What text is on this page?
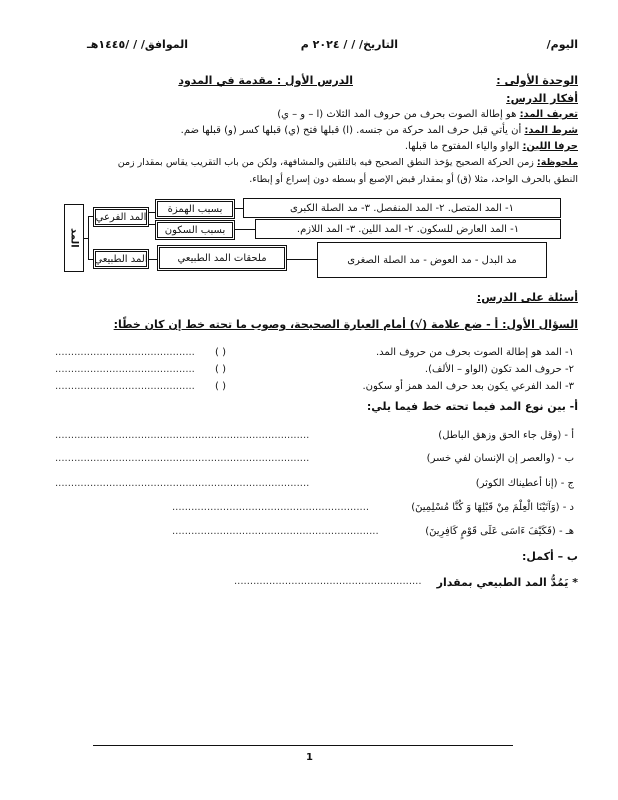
اليوم/
التاريخ/ / / ٢٠٢٤ م
الموافق/ / /١٤٤٥هـ
الوحدة الأولى :
الدرس الأول : مقدمة في المدود
أفكار الدرس:
تعريف المد: هو إطالة الصوت بحرف من حروف المد الثلاث (ا – و – ي)
شرط المد: أن يأتي قبل حرف المد حركة من جنسه. (ا) قبلها فتح (ي) قبلها كسر (و) قبلها ضم.
حرفا اللين: الواو والياء المفتوح ما قبلها.
ملحوظة: زمن الحركة الصحيح يؤخذ النطق الصحيح فيه بالتلقين والمشافهة، ولكن من باب التقريب يقاس بمقدار زمن
النطق بالحرف الواحد، مثلا (ق) أو بمقدار قبض الإصبع أو بسطه دون إسراع أو إبطاء.
المد
المد الفرعي
المد الطبيعي
بسبب الهمزة
بسبب السكون
١- المد المتصل. ٢- المد المنفصل. ٣- مد الصلة الكبرى
١- المد العارض للسكون. ٢- المد اللين. ٣- المد اللازم.
ملحقات المد الطبيعي	مد البدل - مد العوض - مد الصلة الصغرى
أسئلة على الدرس:
السؤال الأول: أ - ضع علامة (√) أمام العبارة الصحيحة، وصوب ما تحته خط إن كان خطًا:
١- المد هو إطالة الصوت بحرف من حروف المد.
( )
............................................
٢- حروف المد تكون (الواو – الألف).
( )
............................................
٣- المد الفرعي يكون بعد حرف المد همز أو سكون.
( )
............................................
أ- بين نوع المد فيما تحته خط فيما يلي:
أ - (وقل جاء الحق وزهق الباطل)
................................................................................
ب - (والعصر إن الإنسان لفي خسر)
................................................................................
ج - (إنا أعطيناك الكوثر)
................................................................................
د - (وَآتَيْنَا الْعِلْمَ مِنْ قَبْلِهَا وَ كُنَّا مُسْلِمِينَ)
..............................................................
هـ - (فَكَيْفَ ءَاسَى عَلَى قَوْمٍ كَافِرِينَ)
.................................................................
ب – أكمل:
* يَمُدُّ المد الطبيعي بمقدار
...........................................................
1
